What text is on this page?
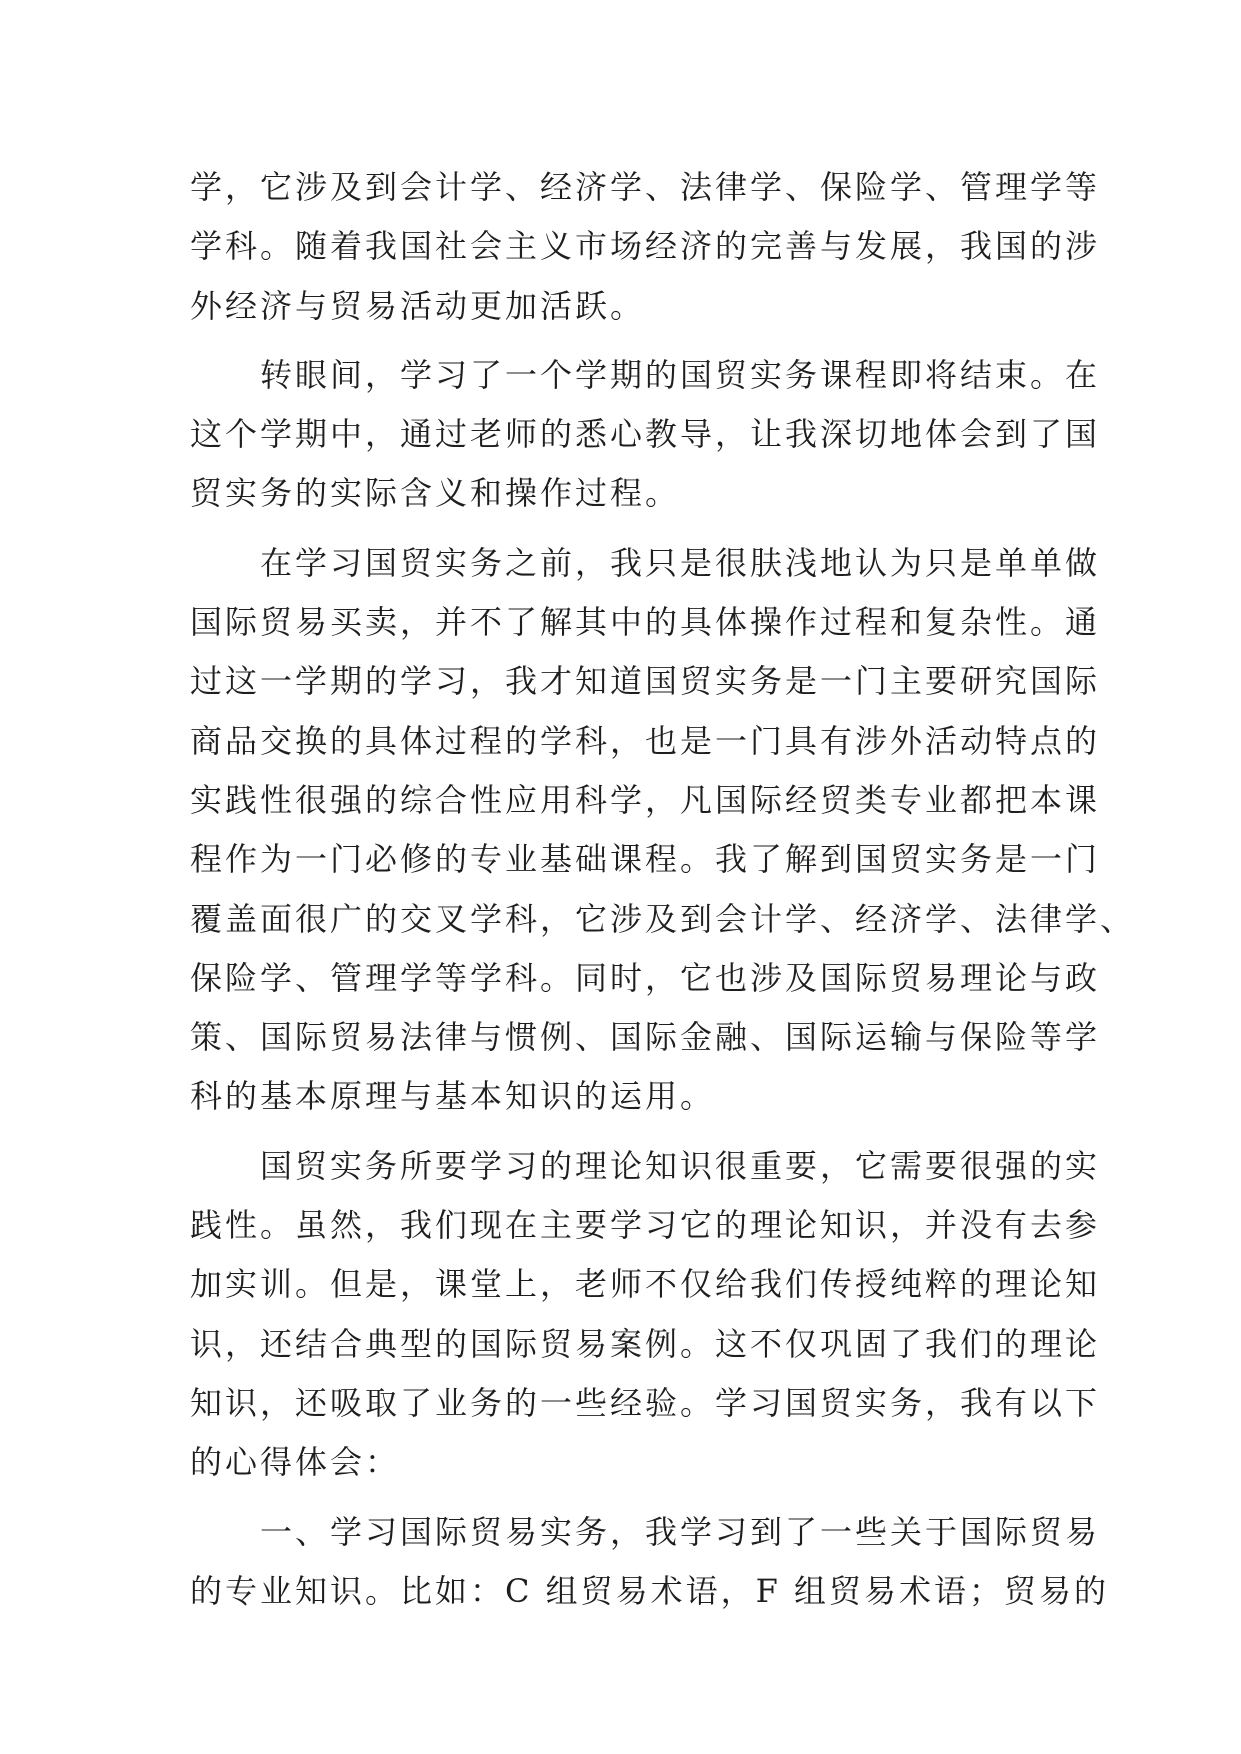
学，它涉及到会计学、经济学、法律学、保险学、管理学等
学科。随着我国社会主义市场经济的完善与发展，我国的涉
外经济与贸易活动更加活跃。
转眼间，学习了一个学期的国贸实务课程即将结束。在
这个学期中，通过老师的悉心教导，让我深切地体会到了国
贸实务的实际含义和操作过程。
在学习国贸实务之前，我只是很肤浅地认为只是单单做
国际贸易买卖，并不了解其中的具体操作过程和复杂性。通
过这一学期的学习，我才知道国贸实务是一门主要研究国际
商品交换的具体过程的学科，也是一门具有涉外活动特点的
实践性很强的综合性应用科学，凡国际经贸类专业都把本课
程作为一门必修的专业基础课程。我了解到国贸实务是一门
覆盖面很广的交叉学科，它涉及到会计学、经济学、法律学、
保险学、管理学等学科。同时，它也涉及国际贸易理论与政
策、国际贸易法律与惯例、国际金融、国际运输与保险等学
科的基本原理与基本知识的运用。
国贸实务所要学习的理论知识很重要，它需要很强的实
践性。虽然，我们现在主要学习它的理论知识，并没有去参
加实训。但是，课堂上，老师不仅给我们传授纯粹的理论知
识，还结合典型的国际贸易案例。这不仅巩固了我们的理论
知识，还吸取了业务的一些经验。学习国贸实务，我有以下
的心得体会：
一、学习国际贸易实务，我学习到了一些关于国际贸易
的专业知识。比如：C 组贸易术语，F 组贸易术语；贸易的
